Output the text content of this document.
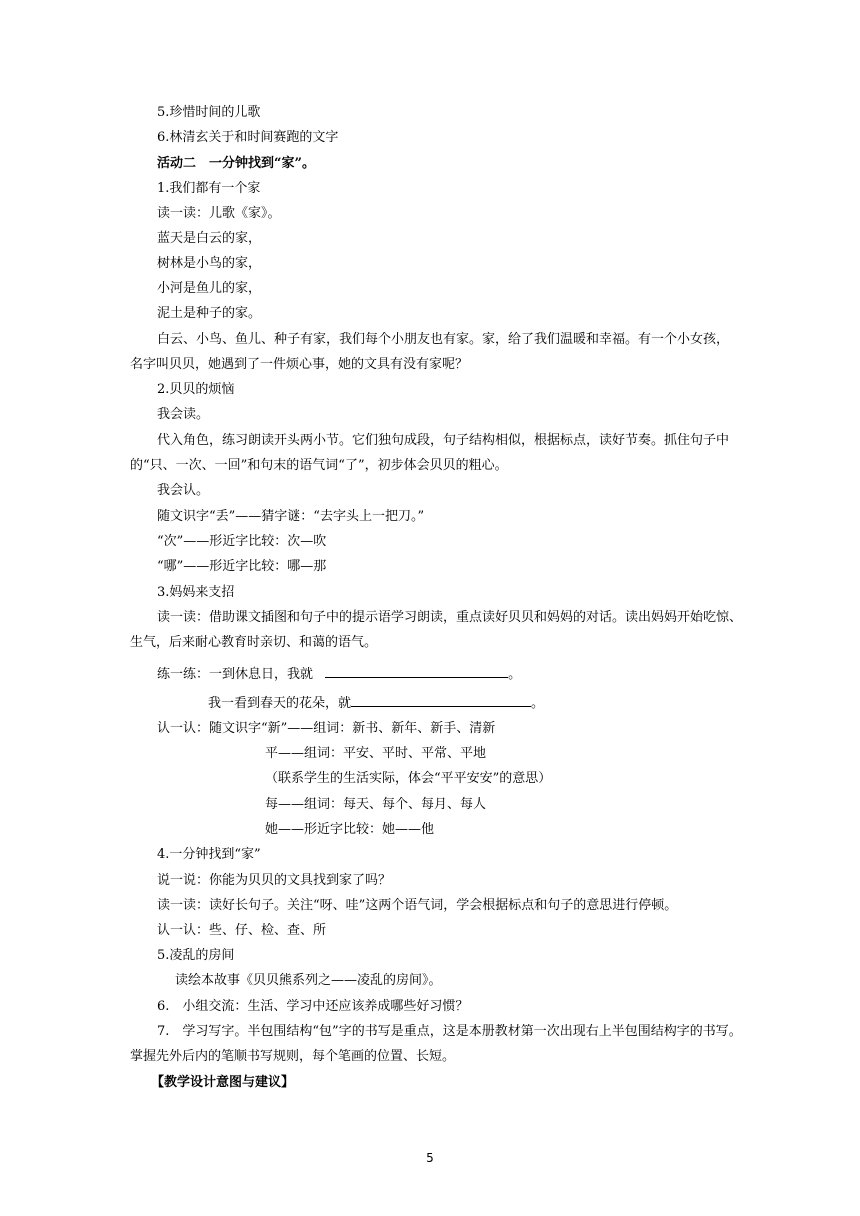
5.珍惜时间的儿歌
6.林清玄关于和时间赛跑的文字
活动二　一分钟找到“家”。
1.我们都有一个家
读一读：儿歌《家》。
蓝天是白云的家，
树林是小鸟的家，
小河是鱼儿的家，
泥土是种子的家。
白云、小鸟、鱼儿、种子有家，我们每个小朋友也有家。家，给了我们温暖和幸福。有一个小女孩，
名字叫贝贝，她遇到了一件烦心事，她的文具有没有家呢？
2.贝贝的烦恼
我会读。
代入角色，练习朗读开头两小节。它们独句成段，句子结构相似，根据标点，读好节奏。抓住句子中
的“只、一次、一回”和句末的语气词“了”，初步体会贝贝的粗心。
我会认。
随文识字“丢”——猜字谜：“去字头上一把刀。”
“次”——形近字比较：次—吹
“哪”——形近字比较：哪—那
3.妈妈来支招
读一读：借助课文插图和句子中的提示语学习朗读，重点读好贝贝和妈妈的对话。读出妈妈开始吃惊、
生气，后来耐心教育时亲切、和蔼的语气。
练一练：一到休息日，我就	。
我一看到春天的花朵，就	。
认一认：随文识字“新”——组词：新书、新年、新手、清新
平——组词：平安、平时、平常、平地
（联系学生的生活实际，体会“平平安安”的意思）
每——组词：每天、每个、每月、每人
她——形近字比较：她——他
4.一分钟找到“家”
说一说：你能为贝贝的文具找到家了吗？
读一读：读好长句子。关注“呀、哇”这两个语气词，学会根据标点和句子的意思进行停顿。
认一认：些、仔、检、查、所
5.凌乱的房间
读绘本故事《贝贝熊系列之——凌乱的房间》。
6.　小组交流：生活、学习中还应该养成哪些好习惯？
7.　学习写字。半包围结构“包”字的书写是重点，这是本册教材第一次出现右上半包围结构字的书写。
掌握先外后内的笔顺书写规则，每个笔画的位置、长短。
【教学设计意图与建议】
5
